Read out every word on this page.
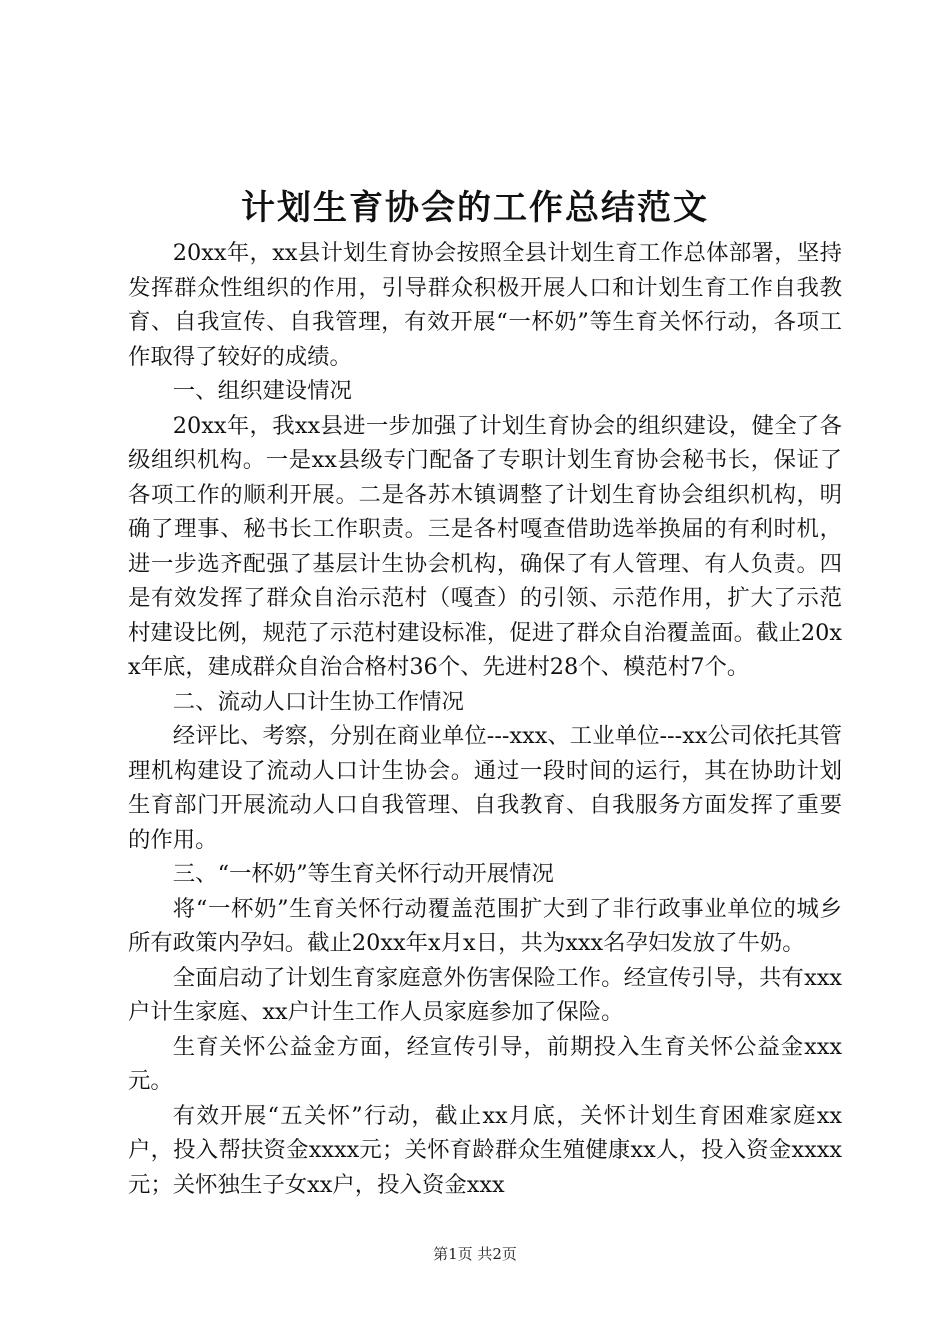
计划生育协会的工作总结范文

20xx年，xx县计划生育协会按照全县计划生育工作总体部署，坚持发挥群众性组织的作用，引导群众积极开展人口和计划生育工作自我教育、自我宣传、自我管理，有效开展“一杯奶”等生育关怀行动，各项工作取得了较好的成绩。

一、组织建设情况

20xx年，我xx县进一步加强了计划生育协会的组织建设，健全了各级组织机构。一是xx县级专门配备了专职计划生育协会秘书长，保证了各项工作的顺利开展。二是各苏木镇调整了计划生育协会组织机构，明确了理事、秘书长工作职责。三是各村嘎查借助选举换届的有利时机，进一步选齐配强了基层计生协会机构，确保了有人管理、有人负责。四是有效发挥了群众自治示范村（嘎查）的引领、示范作用，扩大了示范村建设比例，规范了示范村建设标准，促进了群众自治覆盖面。截止20xx年底，建成群众自治合格村36个、先进村28个、模范村7个。

二、流动人口计生协工作情况

经评比、考察，分别在商业单位---xxx、工业单位---xx公司依托其管理机构建设了流动人口计生协会。通过一段时间的运行，其在协助计划生育部门开展流动人口自我管理、自我教育、自我服务方面发挥了重要的作用。

三、“一杯奶”等生育关怀行动开展情况

将“一杯奶”生育关怀行动覆盖范围扩大到了非行政事业单位的城乡所有政策内孕妇。截止20xx年x月x日，共为xxx名孕妇发放了牛奶。

全面启动了计划生育家庭意外伤害保险工作。经宣传引导，共有xxx户计生家庭、xx户计生工作人员家庭参加了保险。

生育关怀公益金方面，经宣传引导，前期投入生育关怀公益金xxx元。

有效开展“五关怀”行动，截止xx月底，关怀计划生育困难家庭xx户，投入帮扶资金xxxx元；关怀育龄群众生殖健康xx人，投入资金xxxx元；关怀独生子女xx户，投入资金xxx

第1页 共2页
